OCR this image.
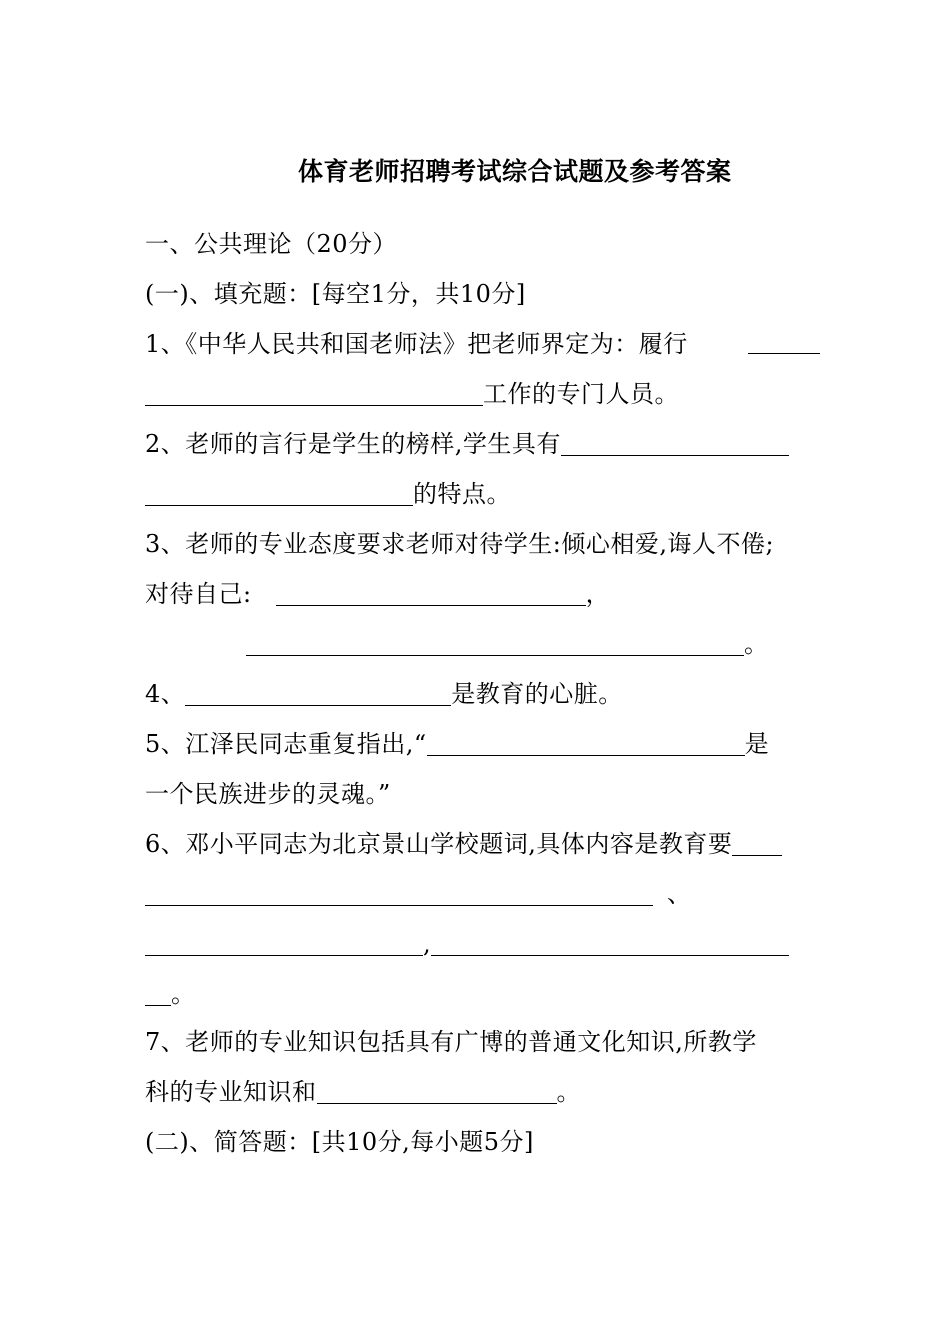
体育老师招聘考试综合试题及参考答案
一、公共理论（20分）
(一)、填充题：[每空1分，共10分]
1、《中华人民共和国老师法》把老师界定为：履行
工作的专门人员。
2、老师的言行是学生的榜样,学生具有
的特点。
3、老师的专业态度要求老师对待学生:倾心相爱,诲人不倦;
对待自己:	，
。
4、	是教育的心脏。
5、江泽民同志重复指出,“	是
一个民族进步的灵魂。”
6、邓小平同志为北京景山学校题词,具体内容是教育要
、
,
。
7、老师的专业知识包括具有广博的普通文化知识,所教学
科的专业知识和	。
(二)、简答题：[共10分,每小题5分]
